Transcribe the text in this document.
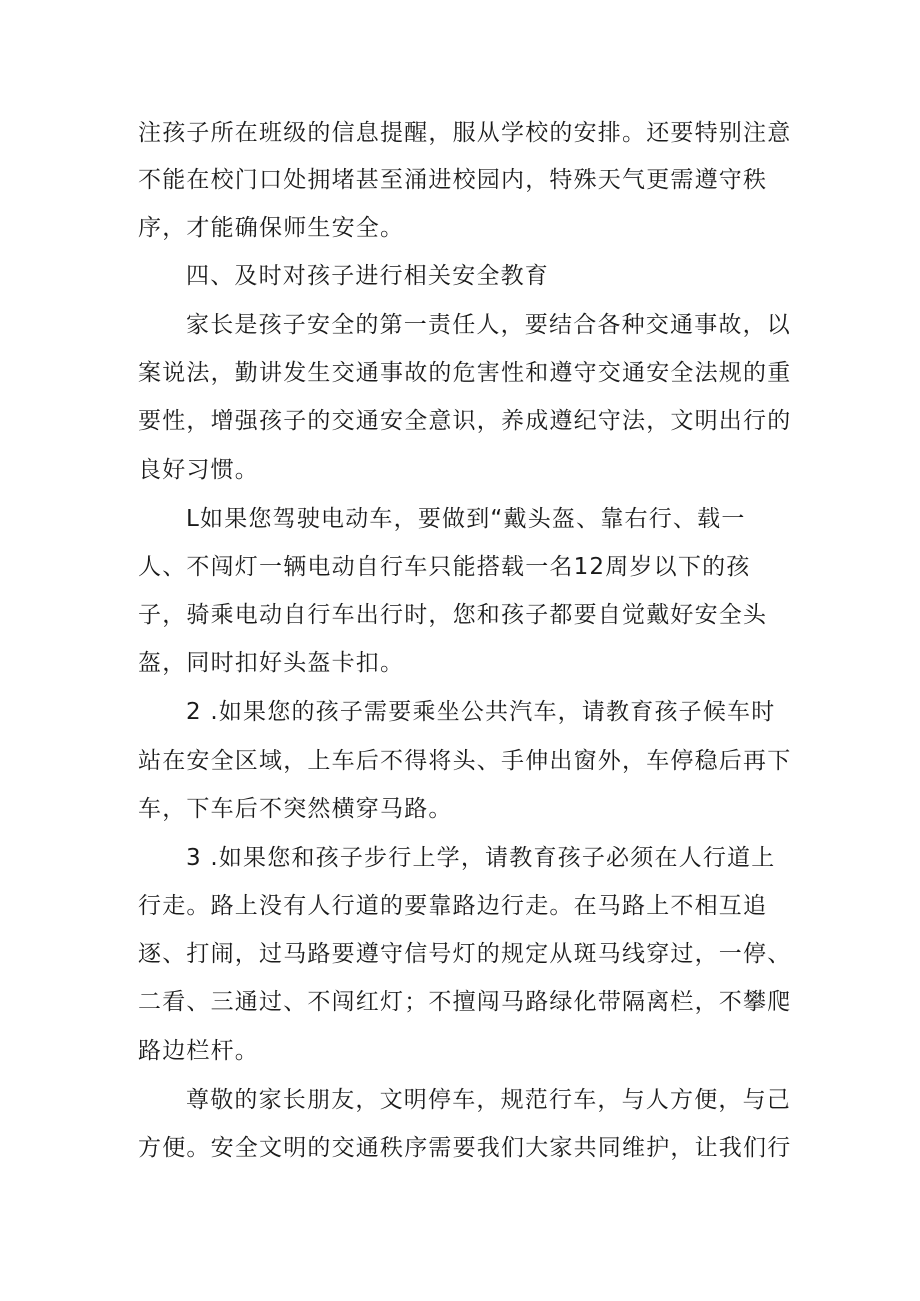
注孩子所在班级的信息提醒，服从学校的安排。还要特别注意
不能在校门口处拥堵甚至涌进校园内，特殊天气更需遵守秩
序，才能确保师生安全。
四、及时对孩子进行相关安全教育
家长是孩子安全的第一责任人，要结合各种交通事故，以
案说法，勤讲发生交通事故的危害性和遵守交通安全法规的重
要性，增强孩子的交通安全意识，养成遵纪守法，文明出行的
良好习惯。
L如果您驾驶电动车，要做到“戴头盔、靠右行、载一
人、不闯灯一辆电动自行车只能搭载一名12周岁以下的孩
子，骑乘电动自行车出行时，您和孩子都要自觉戴好安全头
盔，同时扣好头盔卡扣。
2 .如果您的孩子需要乘坐公共汽车，请教育孩子候车时
站在安全区域，上车后不得将头、手伸出窗外，车停稳后再下
车，下车后不突然横穿马路。
3 .如果您和孩子步行上学，请教育孩子必须在人行道上
行走。路上没有人行道的要靠路边行走。在马路上不相互追
逐、打闹，过马路要遵守信号灯的规定从斑马线穿过，一停、
二看、三通过、不闯红灯；不擅闯马路绿化带隔离栏，不攀爬
路边栏杆。
尊敬的家长朋友，文明停车，规范行车，与人方便，与己
方便。安全文明的交通秩序需要我们大家共同维护，让我们行
